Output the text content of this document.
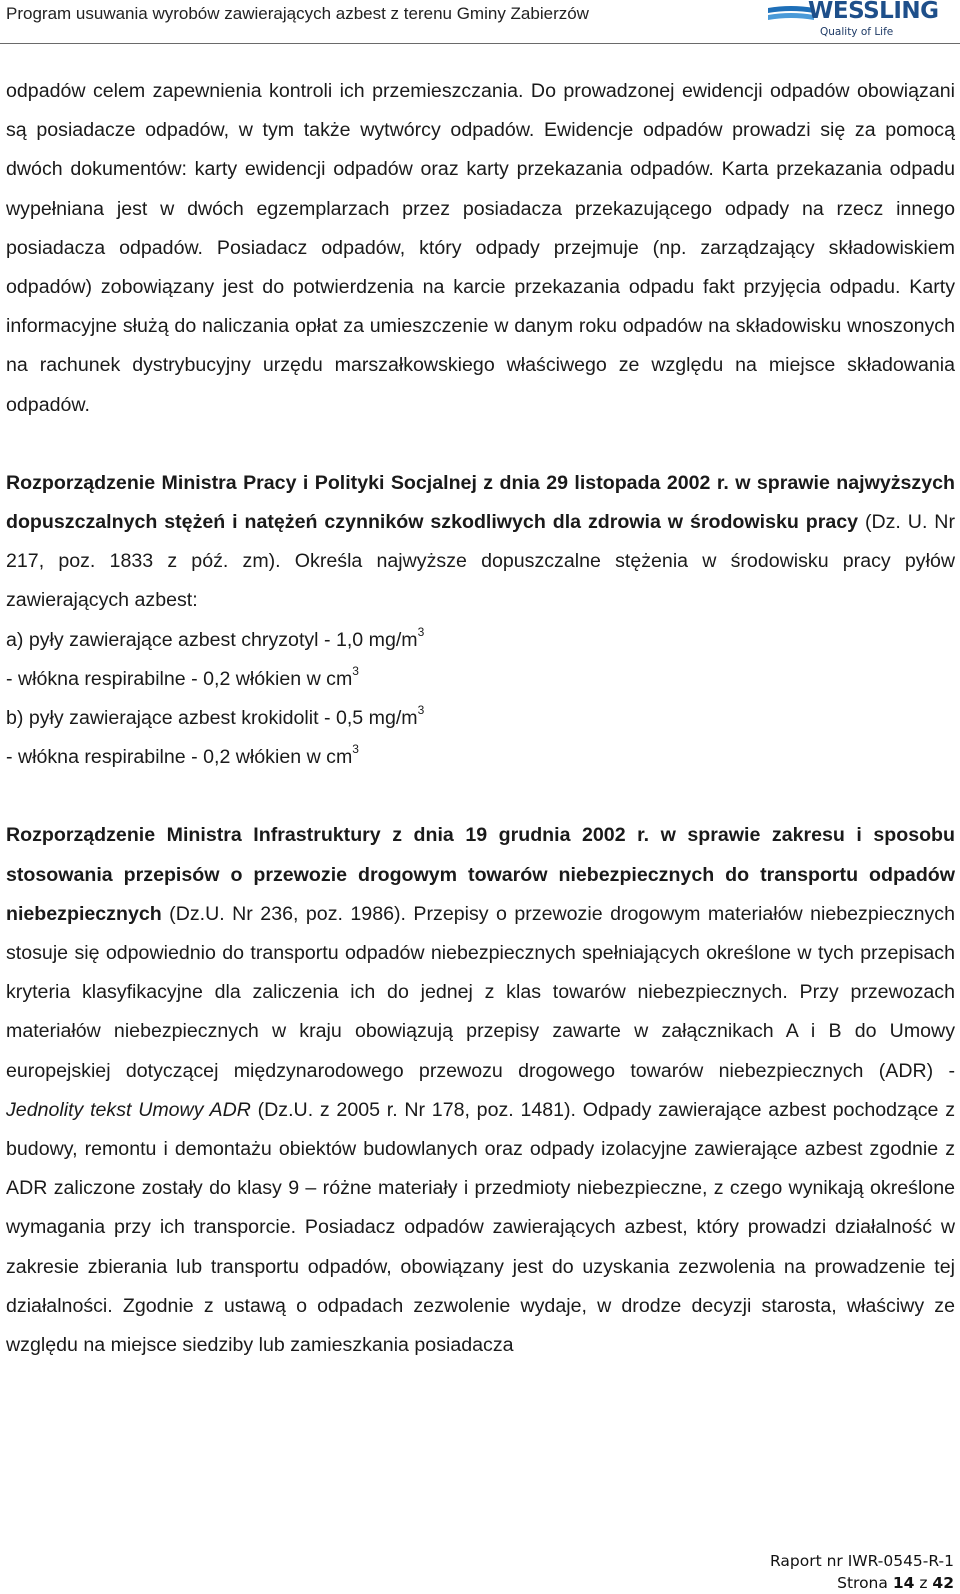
Program usuwania wyrobów zawierających azbest z terenu Gminy Zabierzów	WESSLING
Quality of Life

odpadów celem zapewnienia kontroli ich przemieszczania. Do prowadzonej ewidencji odpadów obowiązani są posiadacze odpadów, w tym także wytwórcy odpadów. Ewidencje odpadów prowadzi się za pomocą dwóch dokumentów: karty ewidencji odpadów oraz karty przekazania odpadów. Karta przekazania odpadu wypełniana jest w dwóch egzemplarzach przez posiadacza przekazującego odpady na rzecz innego posiadacza odpadów. Posiadacz odpadów, który odpady przejmuje (np. zarządzający składowiskiem odpadów) zobowiązany jest do potwierdzenia na karcie przekazania odpadu fakt przyjęcia odpadu. Karty informacyjne służą do naliczania opłat za umieszczenie w danym roku odpadów na składowisku wnoszonych na rachunek dystrybucyjny urzędu marszałkowskiego właściwego ze względu na miejsce składowania odpadów.

Rozporządzenie Ministra Pracy i Polityki Socjalnej z dnia 29 listopada 2002 r. w sprawie najwyższych dopuszczalnych stężeń i natężeń czynników szkodliwych dla zdrowia w środowisku pracy (Dz. U. Nr 217, poz. 1833 z póź. zm). Określa najwyższe dopuszczalne stężenia w środowisku pracy pyłów zawierających azbest:

a) pyły zawierające azbest chryzotyl - 1,0 $mg/m^3$

- włókna respirabilne - 0,2 włókien w $cm^3$

b) pyły zawierające azbest krokidolit - 0,5 $mg/m^3$

- włókna respirabilne - 0,2 włókien w $cm^3$

Rozporządzenie Ministra Infrastruktury z dnia 19 grudnia 2002 r. w sprawie zakresu i sposobu stosowania przepisów o przewozie drogowym towarów niebezpiecznych do transportu odpadów niebezpiecznych (Dz.U. Nr 236, poz. 1986). Przepisy o przewozie drogowym materiałów niebezpiecznych stosuje się odpowiednio do transportu odpadów niebezpiecznych spełniających określone w tych przepisach kryteria klasyfikacyjne dla zaliczenia ich do jednej z klas towarów niebezpiecznych. Przy przewozach materiałów niebezpiecznych w kraju obowiązują przepisy zawarte w załącznikach A i B do Umowy europejskiej dotyczącej międzynarodowego przewozu drogowego towarów niebezpiecznych (ADR) - Jednolity tekst Umowy ADR (Dz.U. z 2005 r. Nr 178, poz. 1481). Odpady zawierające azbest pochodzące z budowy, remontu i demontażu obiektów budowlanych oraz odpady izolacyjne zawierające azbest zgodnie z ADR zaliczone zostały do klasy 9 – różne materiały i przedmioty niebezpieczne, z czego wynikają określone wymagania przy ich transporcie. Posiadacz odpadów zawierających azbest, który prowadzi działalność w zakresie zbierania lub transportu odpadów, obowiązany jest do uzyskania zezwolenia na prowadzenie tej działalności. Zgodnie z ustawą o odpadach zezwolenie wydaje, w drodze decyzji starosta, właściwy ze względu na miejsce siedziby lub zamieszkania posiadacza

Raport nr IWR-0545-R-1
Strona 14 z 42
